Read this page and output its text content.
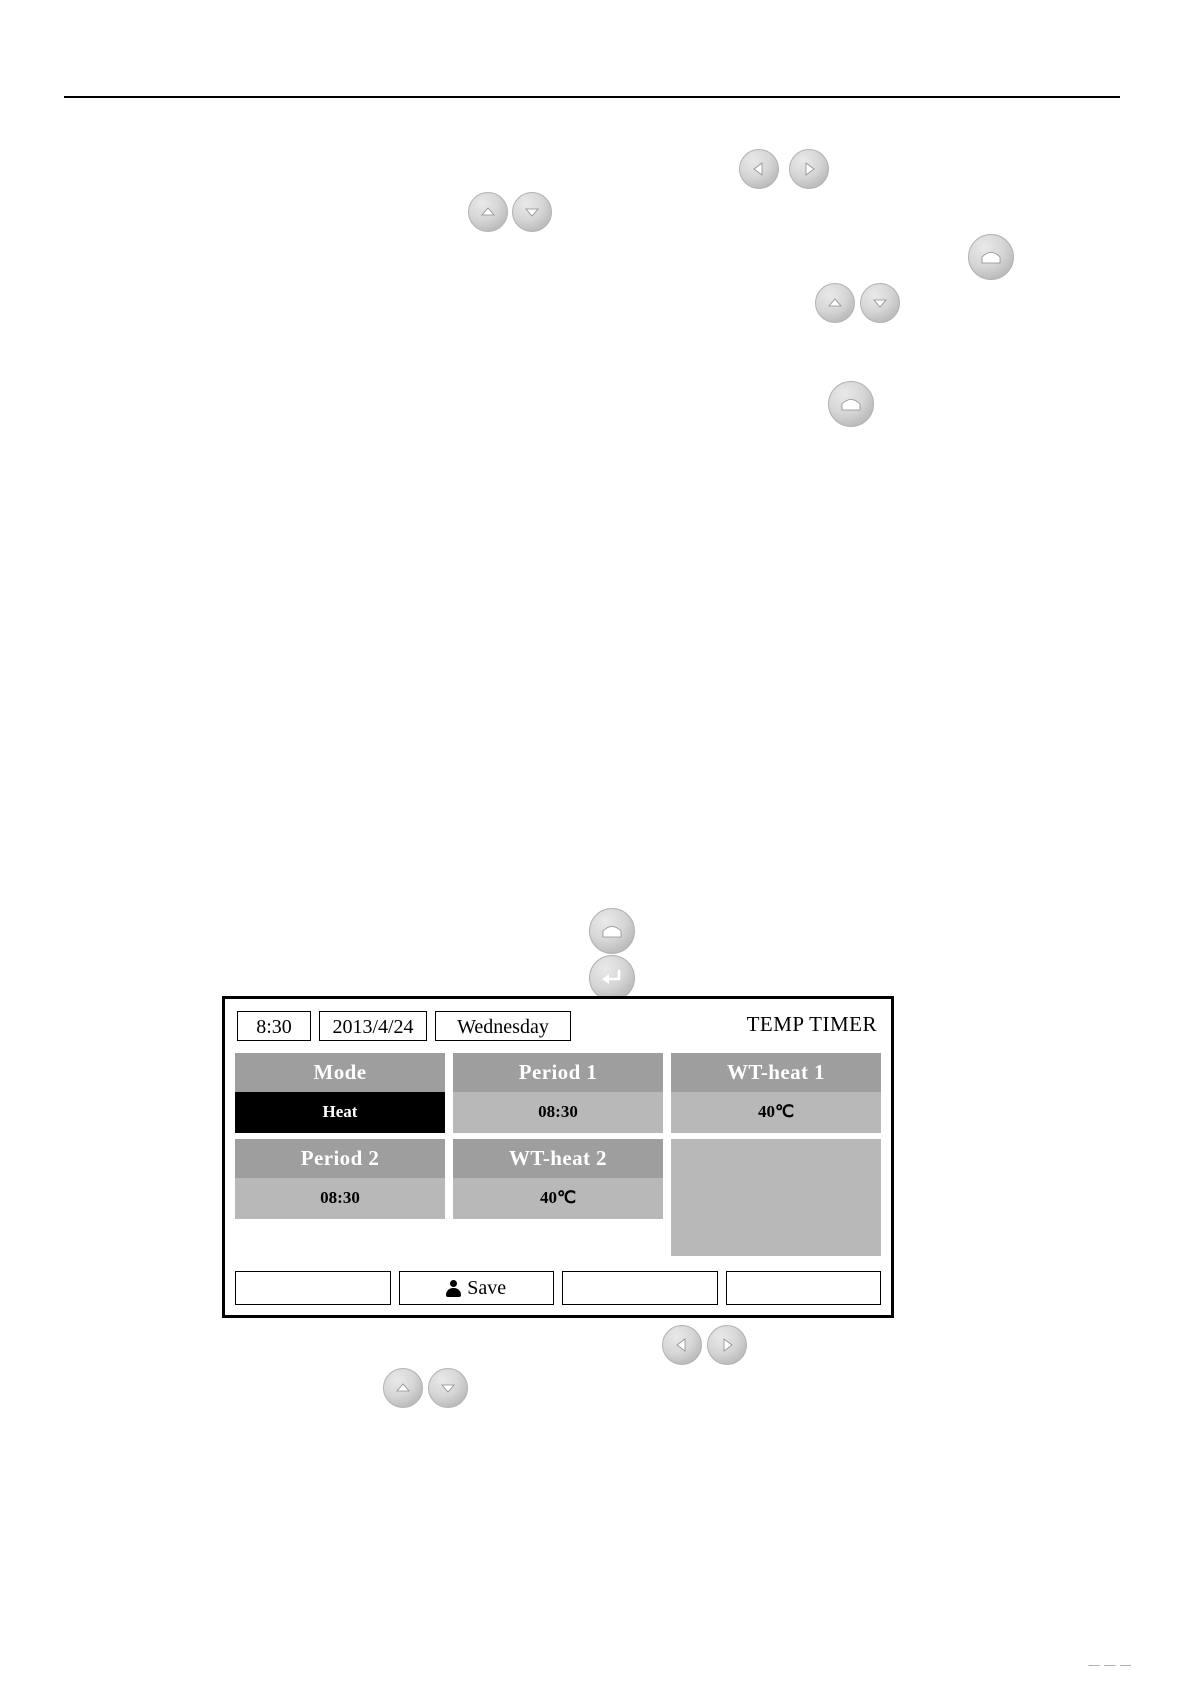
8:30	2013/4/24	Wednesday	TEMP TIMER
Mode
Heat
Period 1
08:30
WT-heat 1
40℃
Period 2
08:30
WT-heat 2
40℃
Save
— — —
